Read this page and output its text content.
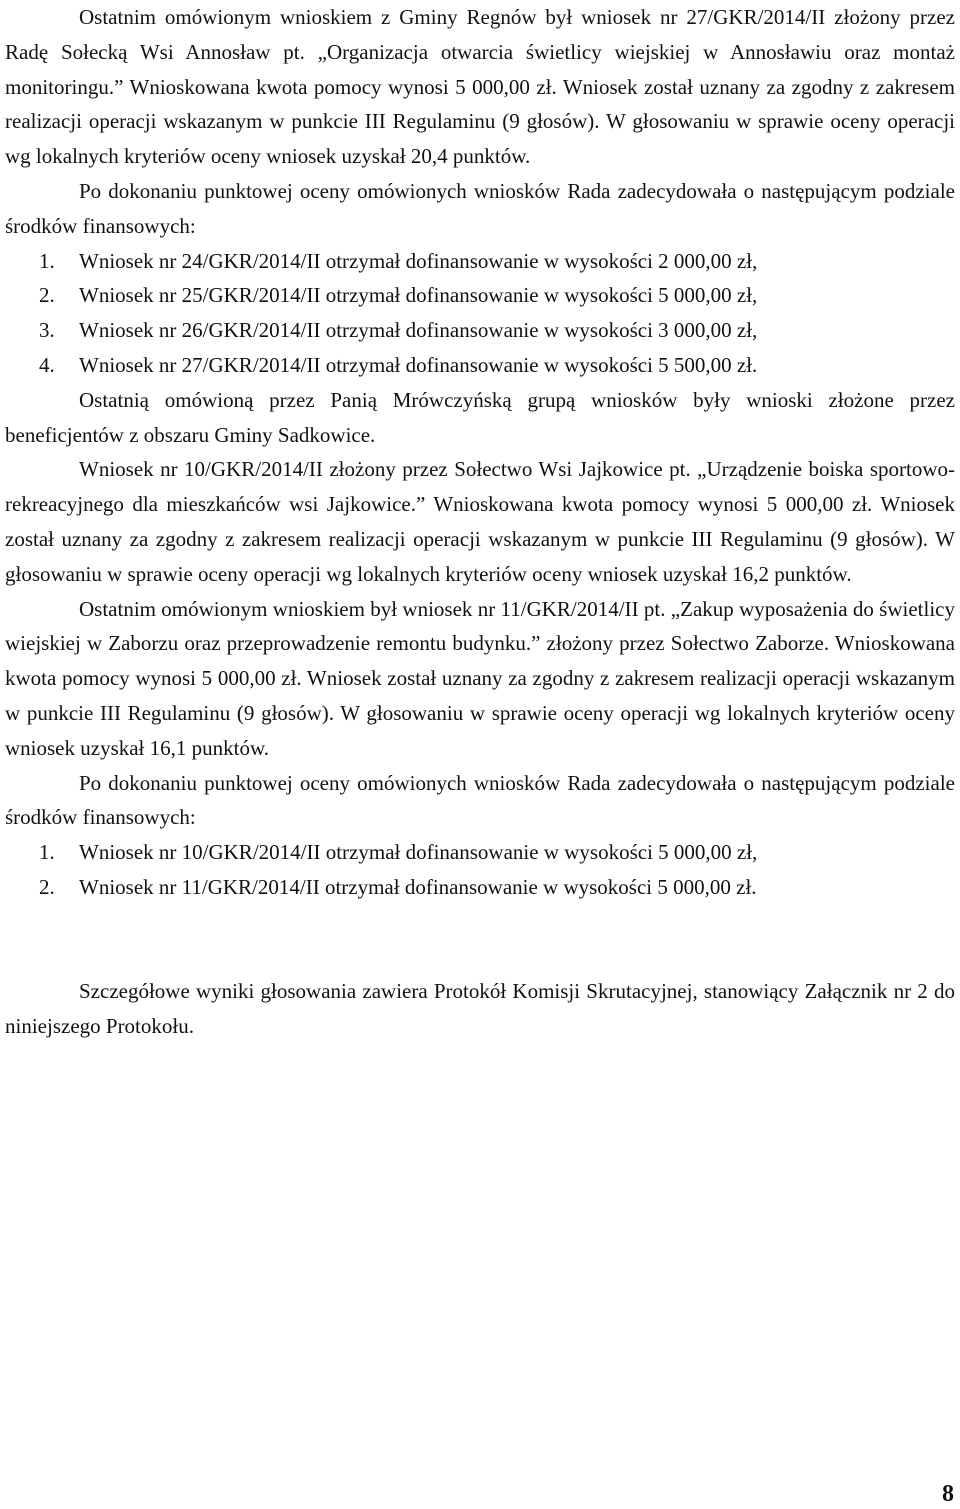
Ostatnim omówionym wnioskiem z Gminy Regnów był wniosek nr 27/GKR/2014/II złożony przez Radę Sołecką Wsi Annosław pt. „Organizacja otwarcia świetlicy wiejskiej w Annosławiu oraz montaż monitoringu.” Wnioskowana kwota pomocy wynosi 5 000,00 zł. Wniosek został uznany za zgodny z zakresem realizacji operacji wskazanym w punkcie III Regulaminu (9 głosów). W głosowaniu w sprawie oceny operacji wg lokalnych kryteriów oceny wniosek uzyskał 20,4 punktów.

Po dokonaniu punktowej oceny omówionych wniosków Rada zadecydowała o następującym podziale środków finansowych:

1. Wniosek nr 24/GKR/2014/II otrzymał dofinansowanie w wysokości 2 000,00 zł,
2. Wniosek nr 25/GKR/2014/II otrzymał dofinansowanie w wysokości 5 000,00 zł,
3. Wniosek nr 26/GKR/2014/II otrzymał dofinansowanie w wysokości 3 000,00 zł,
4. Wniosek nr 27/GKR/2014/II otrzymał dofinansowanie w wysokości 5 500,00 zł.

Ostatnią omówioną przez Panią Mrówczyńską grupą wniosków były wnioski złożone przez beneficjentów z obszaru Gminy Sadkowice.

Wniosek nr 10/GKR/2014/II złożony przez Sołectwo Wsi Jajkowice pt. „Urządzenie boiska sportowo-rekreacyjnego dla mieszkańców wsi Jajkowice.” Wnioskowana kwota pomocy wynosi 5 000,00 zł. Wniosek został uznany za zgodny z zakresem realizacji operacji wskazanym w punkcie III Regulaminu (9 głosów). W głosowaniu w sprawie oceny operacji wg lokalnych kryteriów oceny wniosek uzyskał 16,2 punktów.

Ostatnim omówionym wnioskiem był wniosek nr 11/GKR/2014/II pt. „Zakup wyposażenia do świetlicy wiejskiej w Zaborzu oraz przeprowadzenie remontu budynku.” złożony przez Sołectwo Zaborze. Wnioskowana kwota pomocy wynosi 5 000,00 zł. Wniosek został uznany za zgodny z zakresem realizacji operacji wskazanym w punkcie III Regulaminu (9 głosów). W głosowaniu w sprawie oceny operacji wg lokalnych kryteriów oceny wniosek uzyskał 16,1 punktów.

Po dokonaniu punktowej oceny omówionych wniosków Rada zadecydowała o następującym podziale środków finansowych:

1. Wniosek nr 10/GKR/2014/II otrzymał dofinansowanie w wysokości 5 000,00 zł,
2. Wniosek nr 11/GKR/2014/II otrzymał dofinansowanie w wysokości 5 000,00 zł.

Szczegółowe wyniki głosowania zawiera Protokół Komisji Skrutacyjnej, stanowiący Załącznik nr 2 do niniejszego Protokołu.

8
